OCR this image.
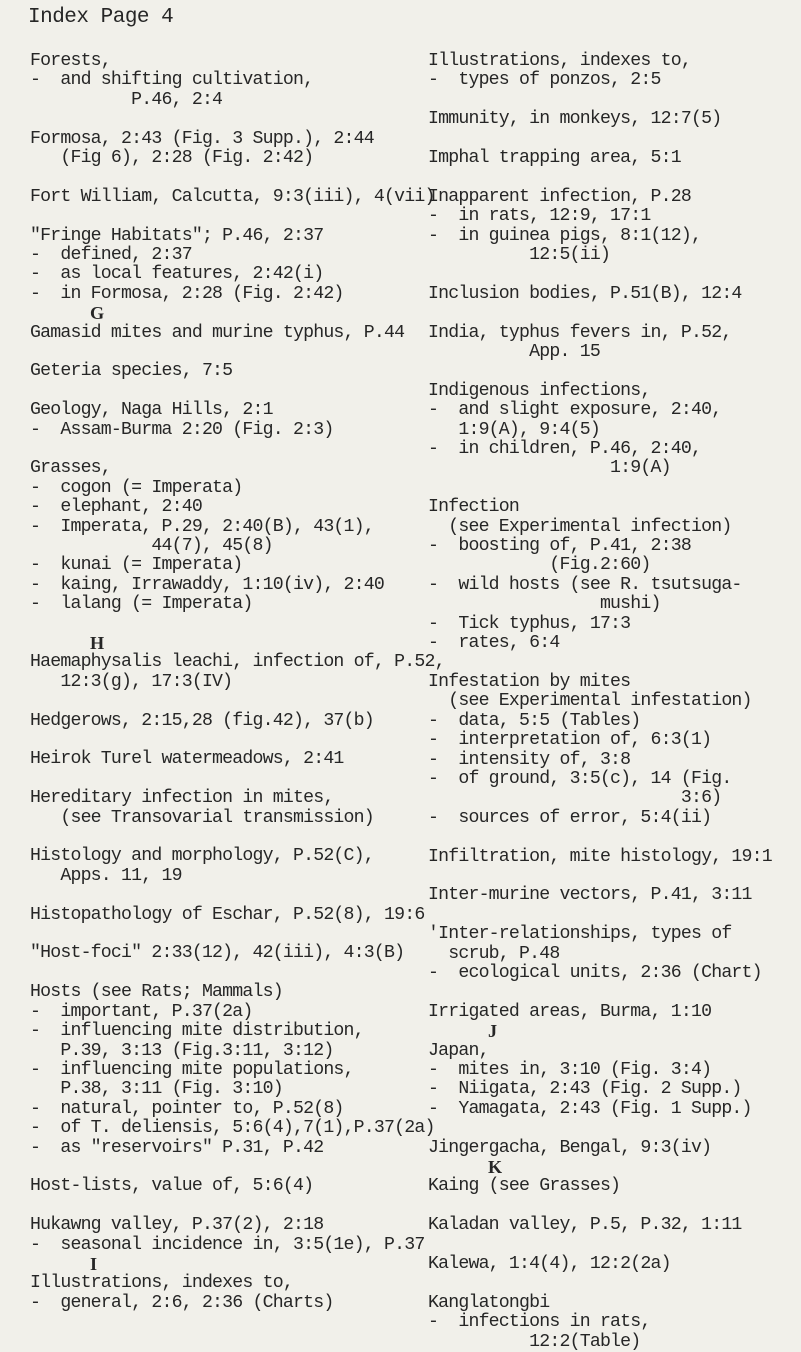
Index Page 4
Forests,
-  and shifting cultivation,
P.46, 2:4
Formosa, 2:43 (Fig. 3 Supp.), 2:44
(Fig 6), 2:28 (Fig. 2:42)
Fort William, Calcutta, 9:3(iii), 4(vii)
"Fringe Habitats"; P.46, 2:37
-  defined, 2:37
-  as local features, 2:42(i)
-  in Formosa, 2:28 (Fig. 2:42)
G
Gamasid mites and murine typhus, P.44
Geteria species, 7:5
Geology, Naga Hills, 2:1
-  Assam-Burma 2:20 (Fig. 2:3)
Grasses,
-  cogon (= Imperata)
-  elephant, 2:40
-  Imperata, P.29, 2:40(B), 43(1),
44(7), 45(8)
-  kunai (= Imperata)
-  kaing, Irrawaddy, 1:10(iv), 2:40
-  lalang (= Imperata)
H
Haemaphysalis leachi, infection of, P.52,
12:3(g), 17:3(IV)
Hedgerows, 2:15,28 (fig.42), 37(b)
Heirok Turel watermeadows, 2:41
Hereditary infection in mites,
(see Transovarial transmission)
Histology and morphology, P.52(C),
Apps. 11, 19
Histopathology of Eschar, P.52(8), 19:6
"Host-foci" 2:33(12), 42(iii), 4:3(B)
Hosts (see Rats; Mammals)
-  important, P.37(2a)
-  influencing mite distribution,
P.39, 3:13 (Fig.3:11, 3:12)
-  influencing mite populations,
P.38, 3:11 (Fig. 3:10)
-  natural, pointer to, P.52(8)
-  of T. deliensis, 5:6(4),7(1),P.37(2a)
-  as "reservoirs" P.31, P.42
Host-lists, value of, 5:6(4)
Hukawng valley, P.37(2), 2:18
-  seasonal incidence in, 3:5(1e), P.37
I
Illustrations, indexes to,
-  general, 2:6, 2:36 (Charts)
Illustrations, indexes to,
-  types of ponzos, 2:5
Immunity, in monkeys, 12:7(5)
Imphal trapping area, 5:1
Inapparent infection, P.28
-  in rats, 12:9, 17:1
-  in guinea pigs, 8:1(12),
12:5(ii)
Inclusion bodies, P.51(B), 12:4
India, typhus fevers in, P.52,
App. 15
Indigenous infections,
-  and slight exposure, 2:40,
1:9(A), 9:4(5)
-  in children, P.46, 2:40,
1:9(A)
Infection
(see Experimental infection)
-  boosting of, P.41, 2:38
(Fig.2:60)
-  wild hosts (see R. tsutsuga-
mushi)
-  Tick typhus, 17:3
-  rates, 6:4
Infestation by mites
(see Experimental infestation)
-  data, 5:5 (Tables)
-  interpretation of, 6:3(1)
-  intensity of, 3:8
-  of ground, 3:5(c), 14 (Fig.
3:6)
-  sources of error, 5:4(ii)
Infiltration, mite histology, 19:1
Inter-murine vectors, P.41, 3:11
'Inter-relationships, types of
scrub, P.48
-  ecological units, 2:36 (Chart)
Irrigated areas, Burma, 1:10
J
Japan,
-  mites in, 3:10 (Fig. 3:4)
-  Niigata, 2:43 (Fig. 2 Supp.)
-  Yamagata, 2:43 (Fig. 1 Supp.)
Jingergacha, Bengal, 9:3(iv)
K
Kaing (see Grasses)
Kaladan valley, P.5, P.32, 1:11
Kalewa, 1:4(4), 12:2(2a)
Kanglatongbi
-  infections in rats,
12:2(Table)
